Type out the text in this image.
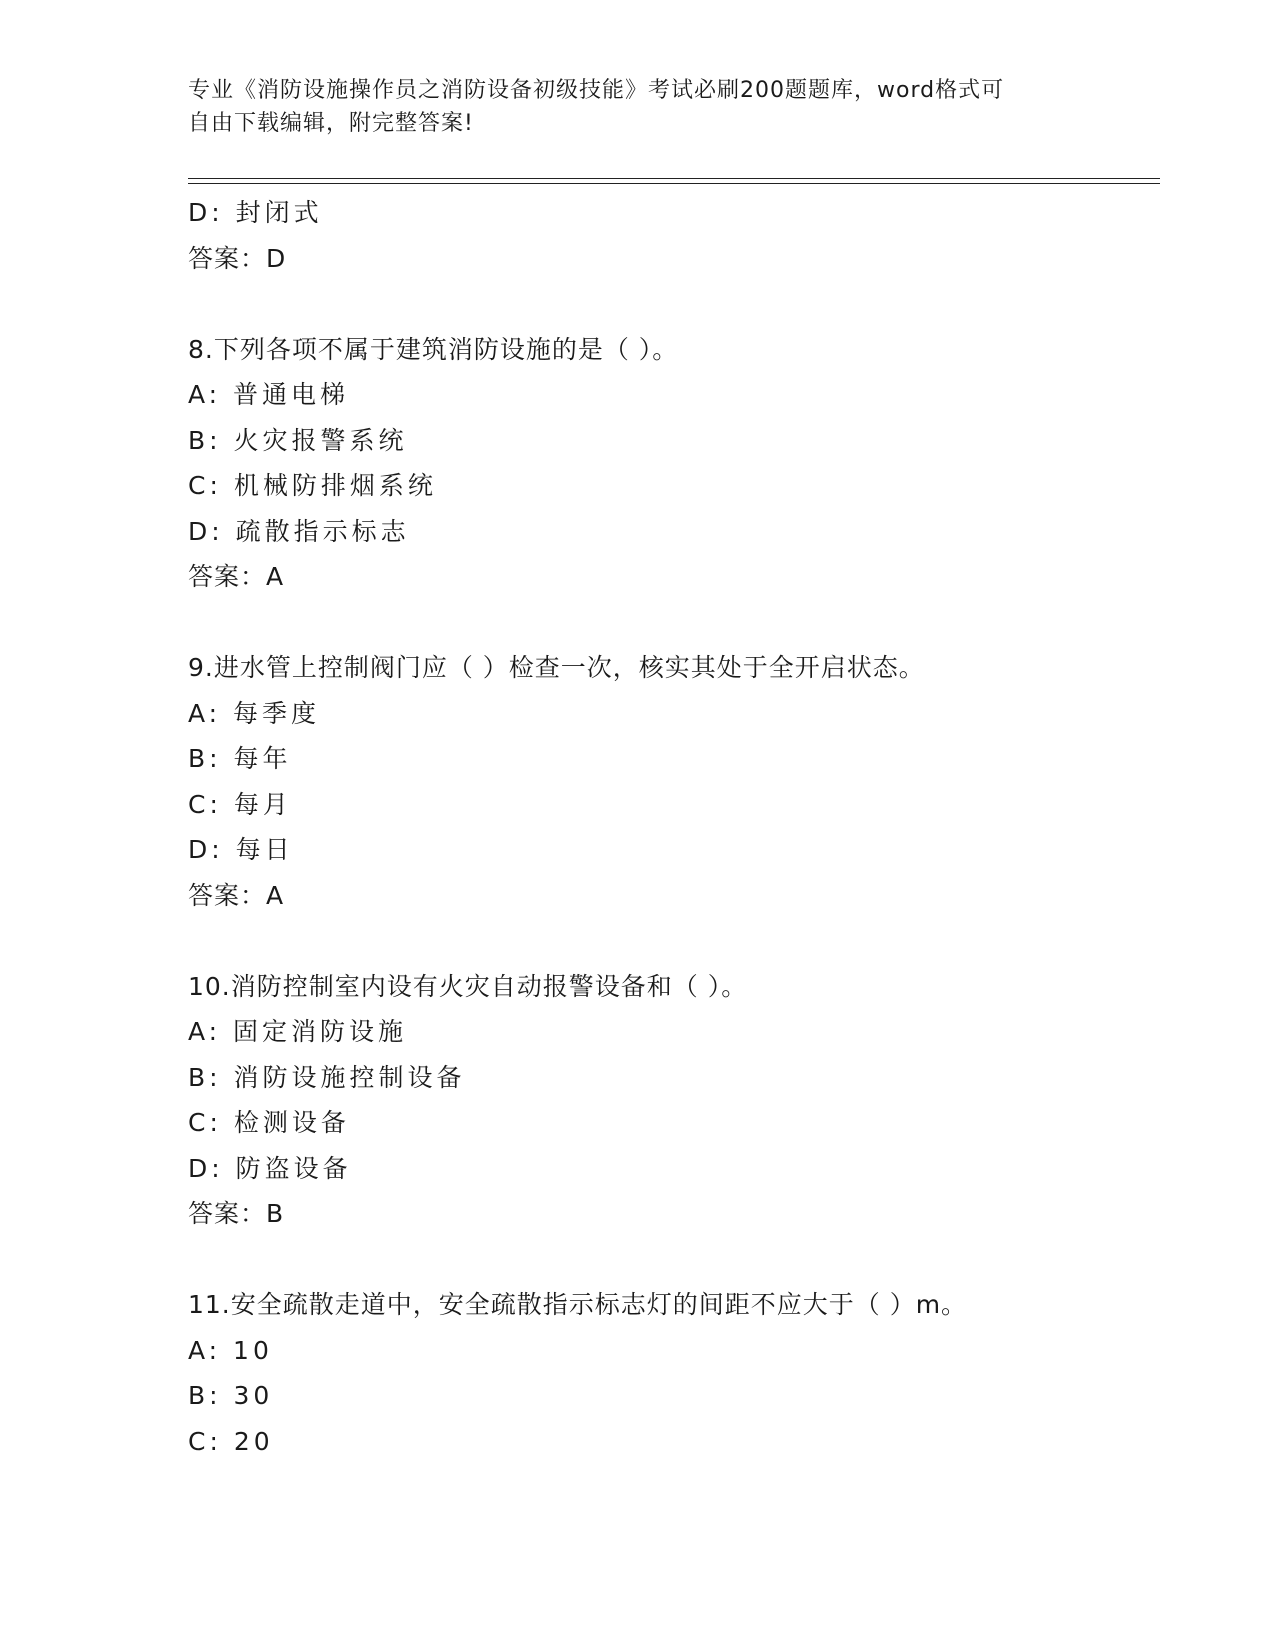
专业《消防设施操作员之消防设备初级技能》考试必刷200题题库，word格式可
自由下载编辑，附完整答案!
D: 封闭式
答案：D
8.下列各项不属于建筑消防设施的是（ ）。
A: 普通电梯
B: 火灾报警系统
C: 机械防排烟系统
D: 疏散指示标志
答案：A
9.进水管上控制阀门应（ ）检查一次，核实其处于全开启状态。
A: 每季度
B: 每年
C: 每月
D: 每日
答案：A
10.消防控制室内设有火灾自动报警设备和（ ）。
A: 固定消防设施
B: 消防设施控制设备
C: 检测设备
D: 防盗设备
答案：B
11.安全疏散走道中，安全疏散指示标志灯的间距不应大于（ ）m。
A: 10
B: 30
C: 20
